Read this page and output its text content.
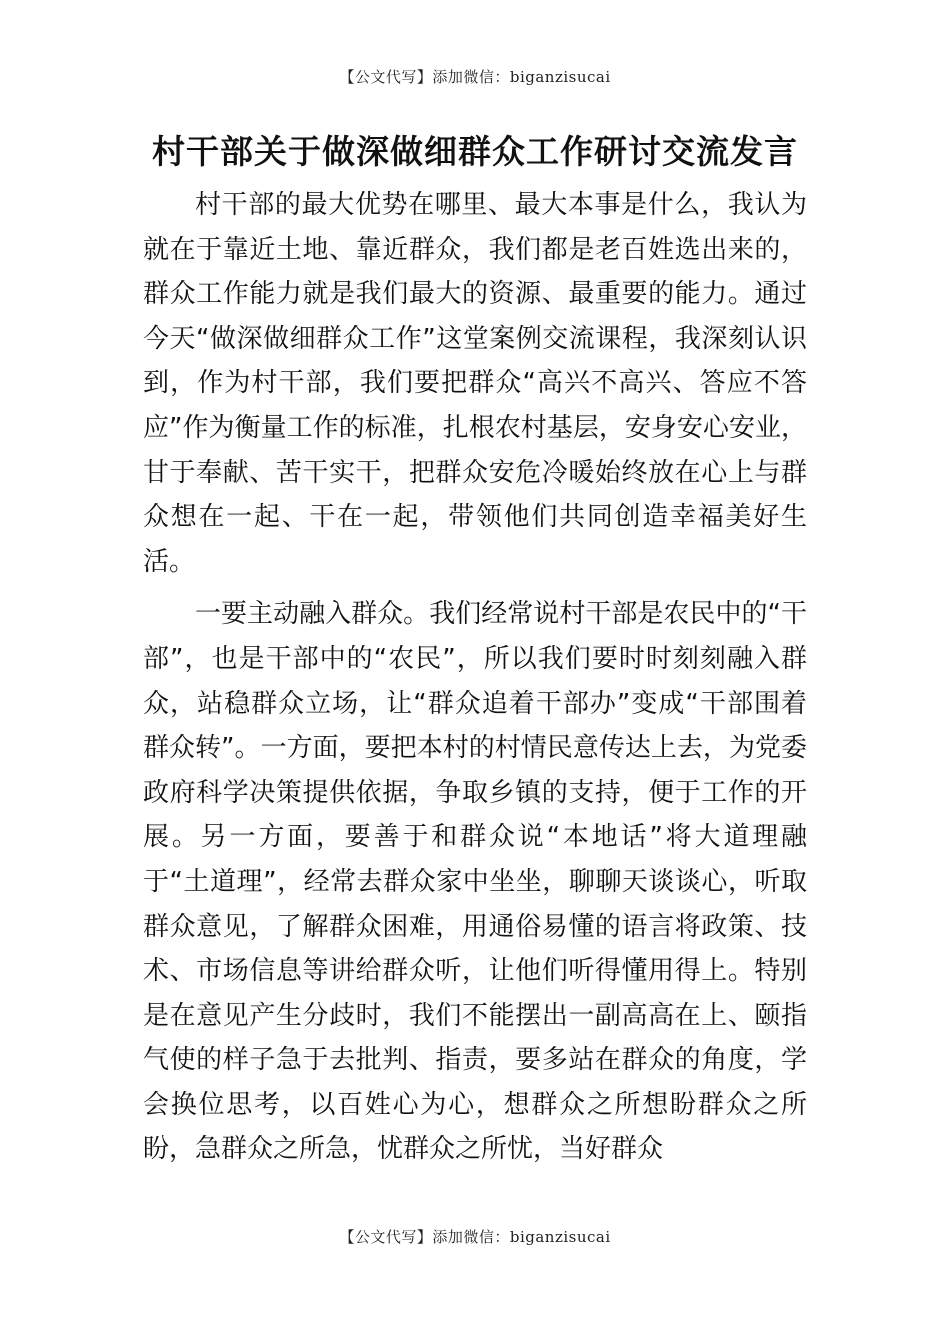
【公文代写】添加微信：biganzisucai
村干部关于做深做细群众工作研讨交流发言

村干部的最大优势在哪里、最大本事是什么，我认为就在于靠近土地、靠近群众，我们都是老百姓选出来的，群众工作能力就是我们最大的资源、最重要的能力。通过今天“做深做细群众工作”这堂案例交流课程，我深刻认识到，作为村干部，我们要把群众“高兴不高兴、答应不答应”作为衡量工作的标准，扎根农村基层，安身安心安业，甘于奉献、苦干实干，把群众安危冷暖始终放在心上与群众想在一起、干在一起，带领他们共同创造幸福美好生活。

一要主动融入群众。我们经常说村干部是农民中的“干部”，也是干部中的“农民”，所以我们要时时刻刻融入群众，站稳群众立场，让“群众追着干部办”变成“干部围着群众转”。一方面，要把本村的村情民意传达上去，为党委政府科学决策提供依据，争取乡镇的支持，便于工作的开展。另一方面，要善于和群众说“本地话”将大道理融于“土道理”，经常去群众家中坐坐，聊聊天谈谈心，听取群众意见，了解群众困难，用通俗易懂的语言将政策、技术、市场信息等讲给群众听，让他们听得懂用得上。特别是在意见产生分歧时，我们不能摆出一副高高在上、颐指气使的样子急于去批判、指责，要多站在群众的角度，学会换位思考，以百姓心为心，想群众之所想盼群众之所盼，急群众之所急，忧群众之所忧，当好群众

【公文代写】添加微信：biganzisucai
